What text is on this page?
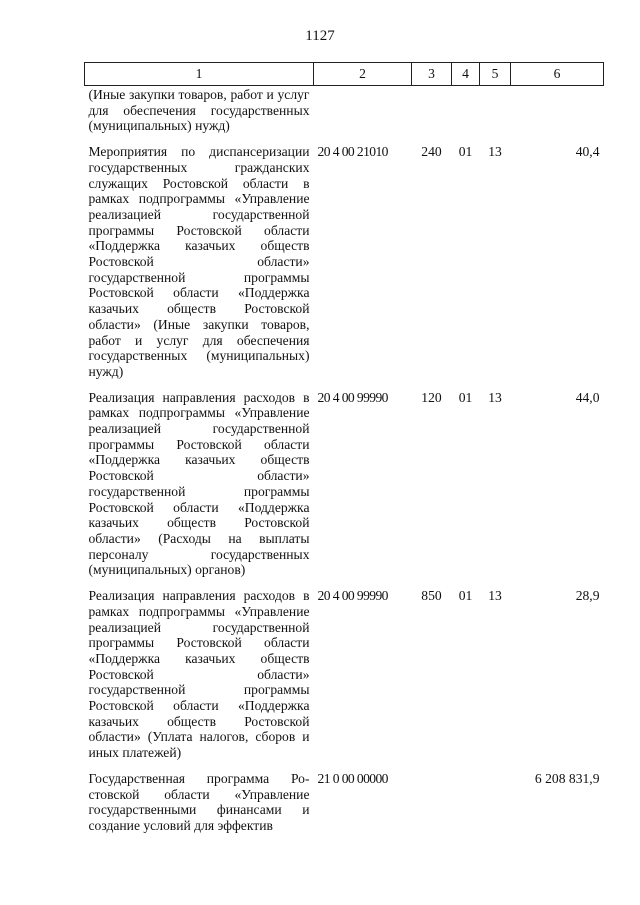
1127
1	2	3	4	5	6
(Иные закупки товаров, работ и услуг для обеспечения государственных (муниципальных) нужд)					
Мероприятия по диспансеризации государственных гражданских служащих Ростовской области в рамках подпрограммы «Управление реализацией государственной программы Ростовской области «Поддержка казачьих обществ Ростовской области» государственной программы Ростовской области «Поддержка казачьих обществ Ростовской области» (Иные закупки товаров, работ и услуг для обеспечения государственных (муниципальных) нужд)	20 4 00 21010	240	01	13	40,4
Реализация направления расходов в рамках подпрограммы «Управление реализацией государственной программы Ростовской области «Поддержка казачьих обществ Ростовской области» государственной программы Ростовской области «Поддержка казачьих обществ Ростовской области» (Расходы на выплаты персоналу государственных (муниципальных) органов)	20 4 00 99990	120	01	13	44,0
Реализация направления расходов в рамках подпрограммы «Управление реализацией государственной программы Ростовской области «Поддержка казачьих обществ Ростовской области» государственной программы Ростовской области «Поддержка казачьих обществ Ростовской области» (Уплата налогов, сборов и иных платежей)	20 4 00 99990	850	01	13	28,9
Государственная программа Ростовской области «Управление государственными финансами и создание условий для эффектив	21 0 00 00000				6 208 831,9
